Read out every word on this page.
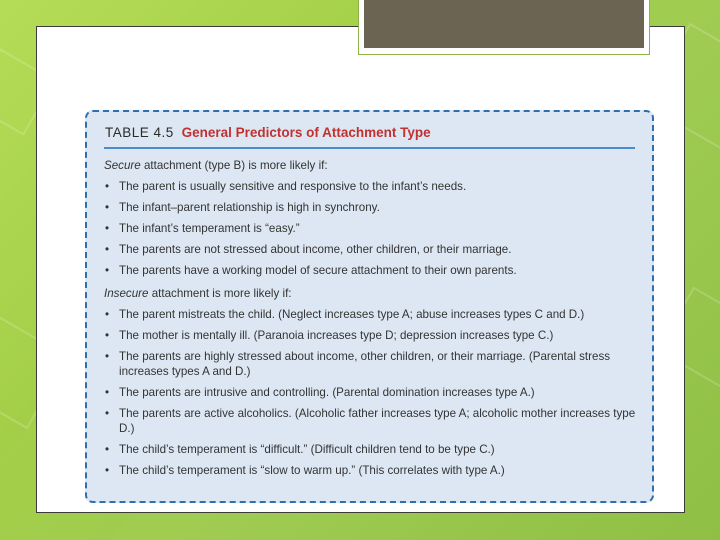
TABLE 4.5 General Predictors of Attachment Type

Secure attachment (type B) is more likely if:

• The parent is usually sensitive and responsive to the infant’s needs.
• The infant–parent relationship is high in synchrony.
• The infant’s temperament is “easy.”
• The parents are not stressed about income, other children, or their marriage.
• The parents have a working model of secure attachment to their own parents.

Insecure attachment is more likely if:

• The parent mistreats the child. (Neglect increases type A; abuse increases types C and D.)
• The mother is mentally ill. (Paranoia increases type D; depression increases type C.)
• The parents are highly stressed about income, other children, or their marriage. (Parental stress increases types A and D.)
• The parents are intrusive and controlling. (Parental domination increases type A.)
• The parents are active alcoholics. (Alcoholic father increases type A; alcoholic mother increases type D.)
• The child’s temperament is “difficult.” (Difficult children tend to be type C.)
• The child’s temperament is “slow to warm up.” (This correlates with type A.)
